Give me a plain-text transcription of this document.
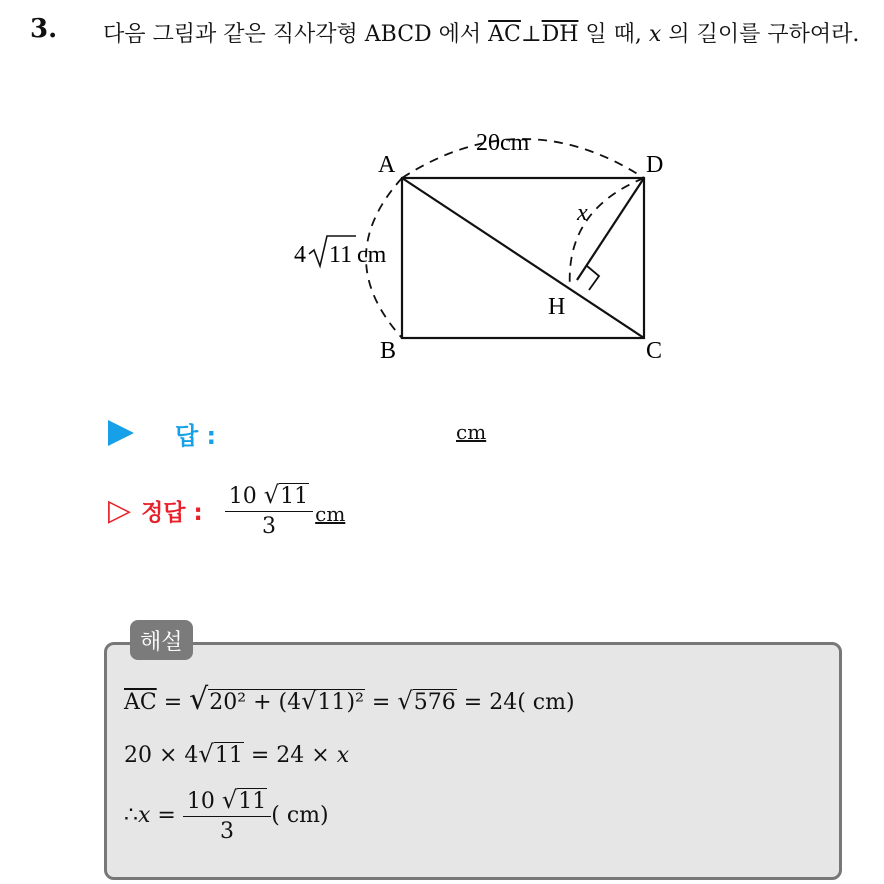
3. 다음 그림과 같은 직사각형 ABCD 에서 $\overline{AC}\perp\overline{DH}$ 일 때, x 의 길이를 구하여라.
A	D
B	C
H
x
20cm
4 11 cm
답 :	cm
▷ 정답 : $\frac{10 √11}{3}$ cm
해설
$\overline{AC} = √20^2 + (4√11)^2 = √576 = 24$( cm)
20 × 4√11 = 24 × x
∴ $x = \frac{10 √11}{3}$ ( cm)
